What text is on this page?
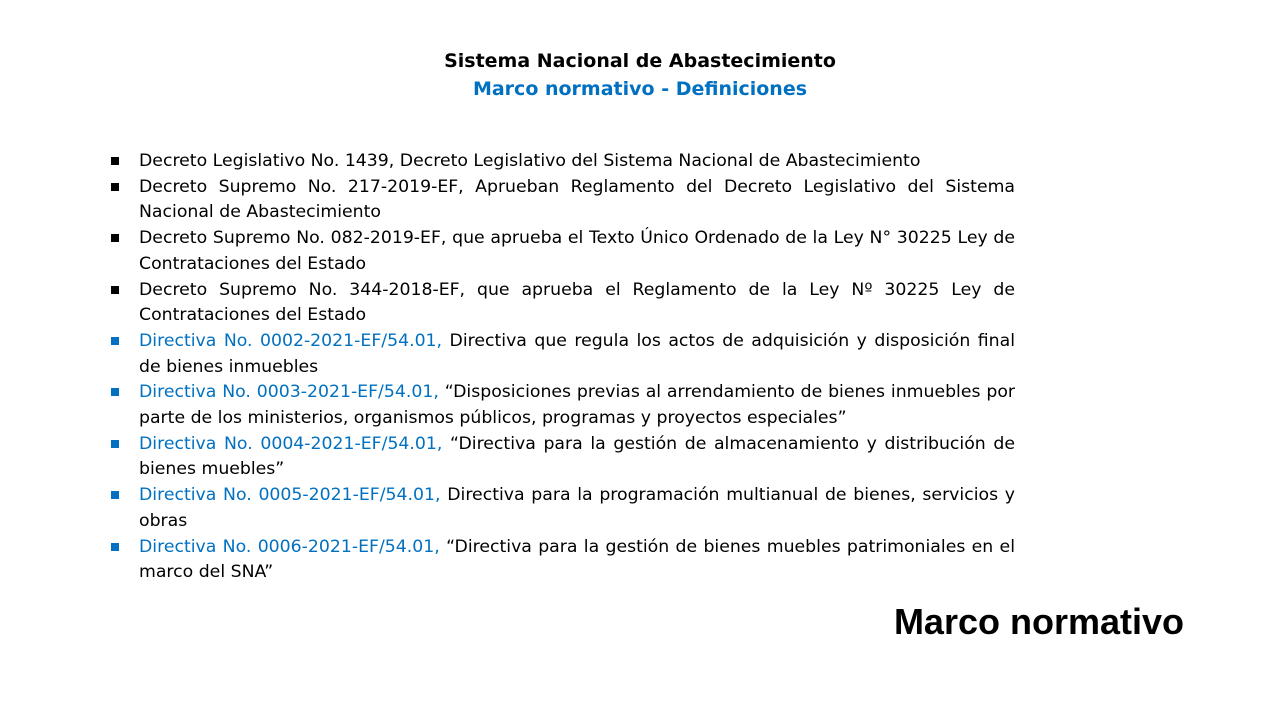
Sistema Nacional de Abastecimiento
Marco normativo - Definiciones
Decreto Legislativo No. 1439, Decreto Legislativo del Sistema Nacional de Abastecimiento
Decreto Supremo No. 217-2019-EF, Aprueban Reglamento del Decreto Legislativo del Sistema Nacional de Abastecimiento
Decreto Supremo No. 082-2019-EF, que aprueba el Texto Único Ordenado de la Ley N° 30225 Ley de Contrataciones del Estado
Decreto Supremo No. 344-2018-EF, que aprueba el Reglamento de la Ley Nº 30225 Ley de Contrataciones del Estado
Directiva No. 0002-2021-EF/54.01, Directiva que regula los actos de adquisición y disposición final de bienes inmuebles
Directiva No. 0003-2021-EF/54.01, “Disposiciones previas al arrendamiento de bienes inmuebles por parte de los ministerios, organismos públicos, programas y proyectos especiales”
Directiva No. 0004-2021-EF/54.01, “Directiva para la gestión de almacenamiento y distribución de bienes muebles”
Directiva No. 0005-2021-EF/54.01, Directiva para la programación multianual de bienes, servicios y obras
Directiva No. 0006-2021-EF/54.01, “Directiva para la gestión de bienes muebles patrimoniales en el marco del SNA”
Marco normativo
